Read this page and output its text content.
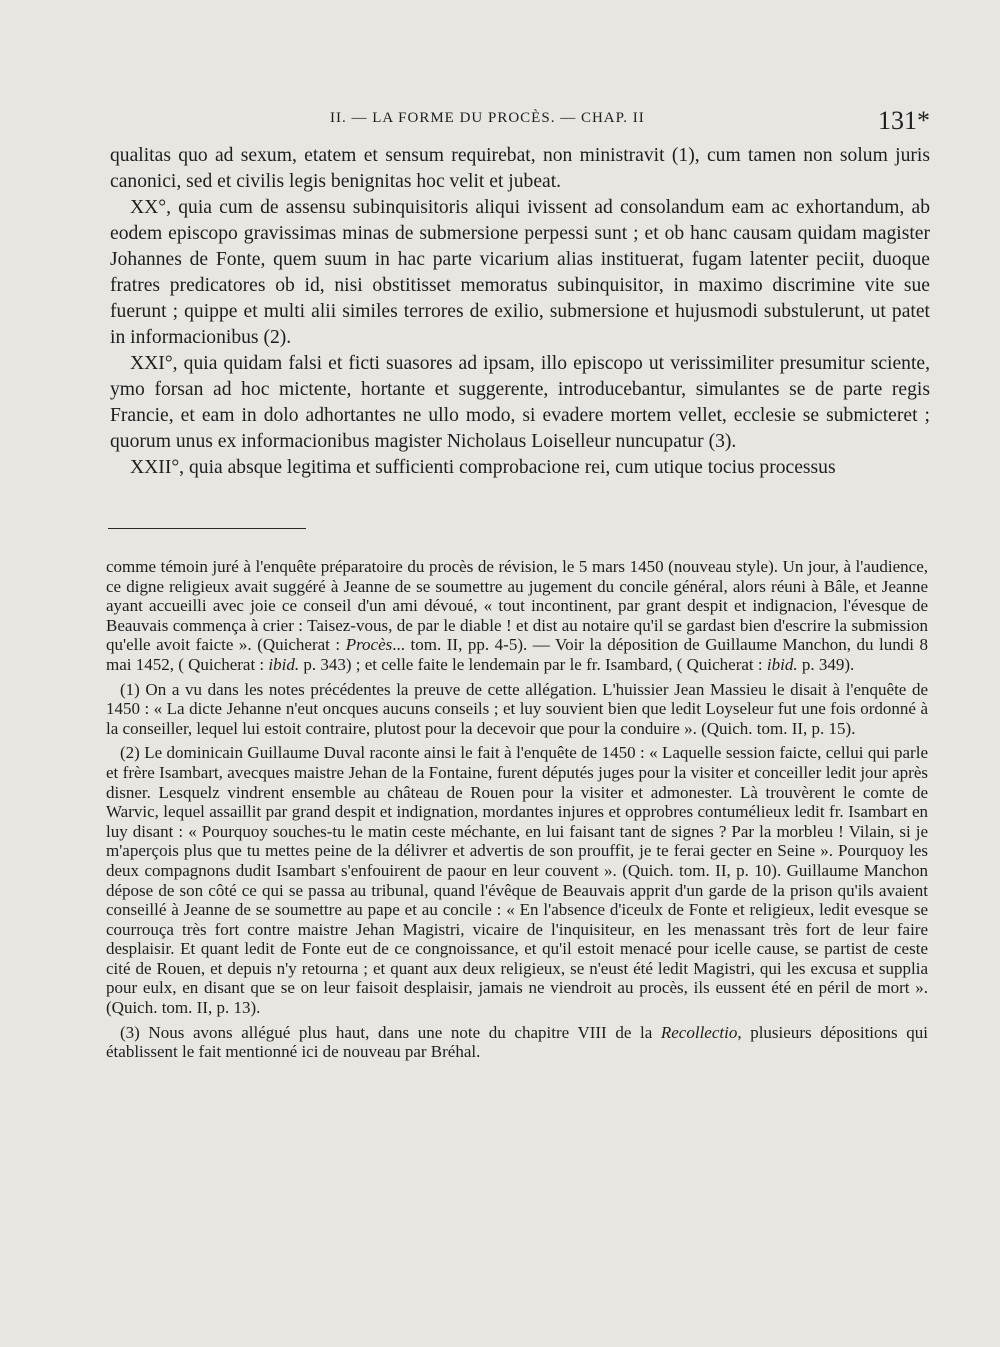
II. — LA FORME DU PROCÈS. — CHAP. II	131*

qualitas quo ad sexum, etatem et sensum requirebat, non ministravit (1), cum tamen non solum juris canonici, sed et civilis legis benignitas hoc velit et jubeat.

XX°, quia cum de assensu subinquisitoris aliqui ivissent ad consolandum eam ac exhortandum, ab eodem episcopo gravissimas minas de submersione perpessi sunt ; et ob hanc causam quidam magister Johannes de Fonte, quem suum in hac parte vicarium alias instituerat, fugam latenter peciit, duoque fratres predicatores ob id, nisi obstitisset memoratus subinquisitor, in maximo discrimine vite sue fuerunt ; quippe et multi alii similes terrores de exilio, submersione et hujusmodi substulerunt, ut patet in informacionibus (2).

XXI°, quia quidam falsi et ficti suasores ad ipsam, illo episcopo ut verissimiliter presumitur sciente, ymo forsan ad hoc mictente, hortante et suggerente, introducebantur, simulantes se de parte regis Francie, et eam in dolo adhortantes ne ullo modo, si evadere mortem vellet, ecclesie se submicteret ; quorum unus ex informacionibus magister Nicholaus Loiselleur nuncupatur (3).

XXII°, quia absque legitima et sufficienti comprobacione rei, cum utique tocius processus

comme témoin juré à l'enquête préparatoire du procès de révision, le 5 mars 1450 (nouveau style). Un jour, à l'audience, ce digne religieux avait suggéré à Jeanne de se soumettre au jugement du concile général, alors réuni à Bâle, et Jeanne ayant accueilli avec joie ce conseil d'un ami dévoué, « tout incontinent, par grant despit et indignacion, l'évesque de Beauvais commença à crier : Taisez-vous, de par le diable ! et dist au notaire qu'il se gardast bien d'escrire la submission qu'elle avoit faicte ». (Quicherat : Procès... tom. II, pp. 4-5). — Voir la déposition de Guillaume Manchon, du lundi 8 mai 1452, ( Quicherat : ibid. p. 343) ; et celle faite le lendemain par le fr. Isambard, ( Quicherat : ibid. p. 349).

(1) On a vu dans les notes précédentes la preuve de cette allégation. L'huissier Jean Massieu le disait à l'enquête de 1450 : « La dicte Jehanne n'eut oncques aucuns conseils ; et luy souvient bien que ledit Loyseleur fut une fois ordonné à la conseiller, lequel lui estoit contraire, plutost pour la decevoir que pour la conduire ». (Quich. tom. II, p. 15).

(2) Le dominicain Guillaume Duval raconte ainsi le fait à l'enquête de 1450 : « Laquelle session faicte, cellui qui parle et frère Isambart, avecques maistre Jehan de la Fontaine, furent députés juges pour la visiter et conceiller ledit jour après disner. Lesquelz vindrent ensemble au château de Rouen pour la visiter et admonester. Là trouvèrent le comte de Warvic, lequel assaillit par grand despit et indignation, mordantes injures et opprobres contumélieux ledit fr. Isambart en luy disant : « Pourquoy souches-tu le matin ceste méchante, en lui faisant tant de signes ? Par la morbleu ! Vilain, si je m'aperçois plus que tu mettes peine de la délivrer et advertis de son prouffit, je te ferai gecter en Seine ». Pourquoy les deux compagnons dudit Isambart s'enfouirent de paour en leur couvent ». (Quich. tom. II, p. 10). Guillaume Manchon dépose de son côté ce qui se passa au tribunal, quand l'évêque de Beauvais apprit d'un garde de la prison qu'ils avaient conseillé à Jeanne de se soumettre au pape et au concile : « En l'absence d'iceulx de Fonte et religieux, ledit evesque se courrouça très fort contre maistre Jehan Magistri, vicaire de l'inquisiteur, en les menassant très fort de leur faire desplaisir. Et quant ledit de Fonte eut de ce congnoissance, et qu'il estoit menacé pour icelle cause, se partist de ceste cité de Rouen, et depuis n'y retourna ; et quant aux deux religieux, se n'eust été ledit Magistri, qui les excusa et supplia pour eulx, en disant que se on leur faisoit desplaisir, jamais ne viendroit au procès, ils eussent été en péril de mort ». (Quich. tom. II, p. 13).

(3) Nous avons allégué plus haut, dans une note du chapitre VIII de la Recollectio, plusieurs dépositions qui établissent le fait mentionné ici de nouveau par Bréhal.
